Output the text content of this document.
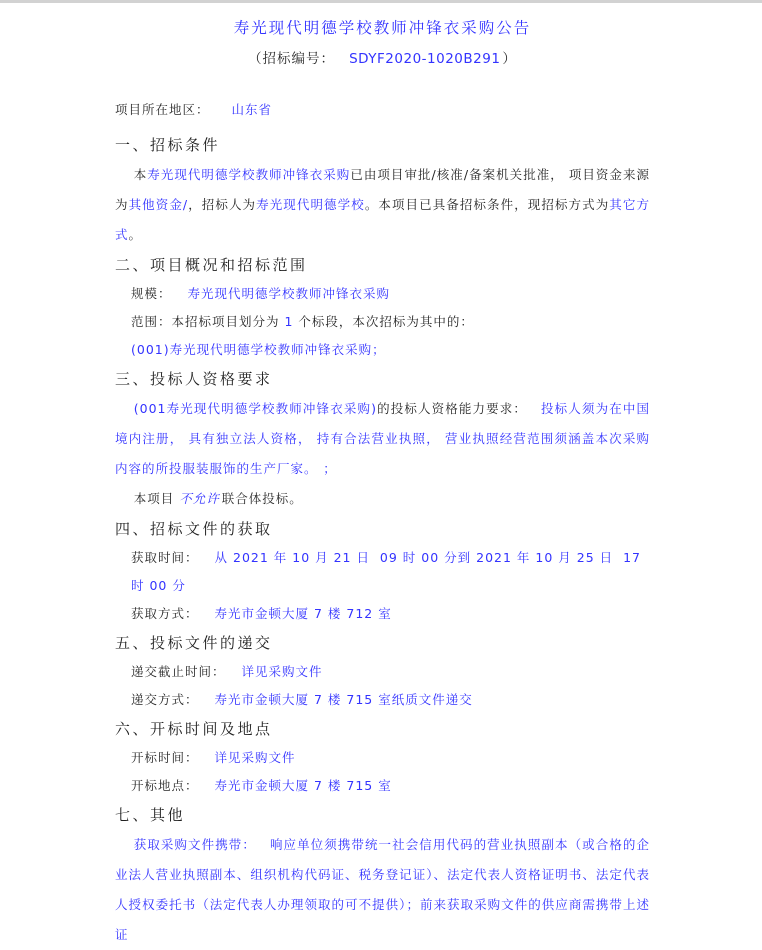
寿光现代明德学校教师冲锋衣采购公告
（招标编号： SDYF2020-1020B291 ）
项目所在地区： 山东省
一、招标条件

本寿光现代明德学校教师冲锋衣采购已由项目审批/核准/备案机关批准， 项目资金来源为其他资金/，招标人为寿光现代明德学校。本项目已具备招标条件，现招标方式为其它方式。

二、项目概况和招标范围
规模： 寿光现代明德学校教师冲锋衣采购
范围：本招标项目划分为 1 个标段，本次招标为其中的：
(001)寿光现代明德学校教师冲锋衣采购；
三、投标人资格要求

(001寿光现代明德学校教师冲锋衣采购)的投标人资格能力要求： 投标人须为在中国境内注册， 具有独立法人资格， 持有合法营业执照， 营业执照经营范围须涵盖本次采购内容的所投服装服饰的生产厂家。 ；

本项目 不允许 联合体投标。

四、招标文件的获取
获取时间： 从 2021 年 10 月 21 日  09 时 00 分到 2021 年 10 月 25 日  17 时 00 分
获取方式： 寿光市金顿大厦 7 楼 712 室
五、投标文件的递交
递交截止时间： 详见采购文件
递交方式： 寿光市金顿大厦 7 楼 715 室纸质文件递交
六、开标时间及地点
开标时间： 详见采购文件
开标地点： 寿光市金顿大厦 7 楼 715 室
七、其他

获取采购文件携带： 响应单位须携带统一社会信用代码的营业执照副本（或合格的企业法人营业执照副本、组织机构代码证、税务登记证）、法定代表人资格证明书、法定代表人授权委托书（法定代表人办理领取的可不提供）；前来获取采购文件的供应商需携带上述证
